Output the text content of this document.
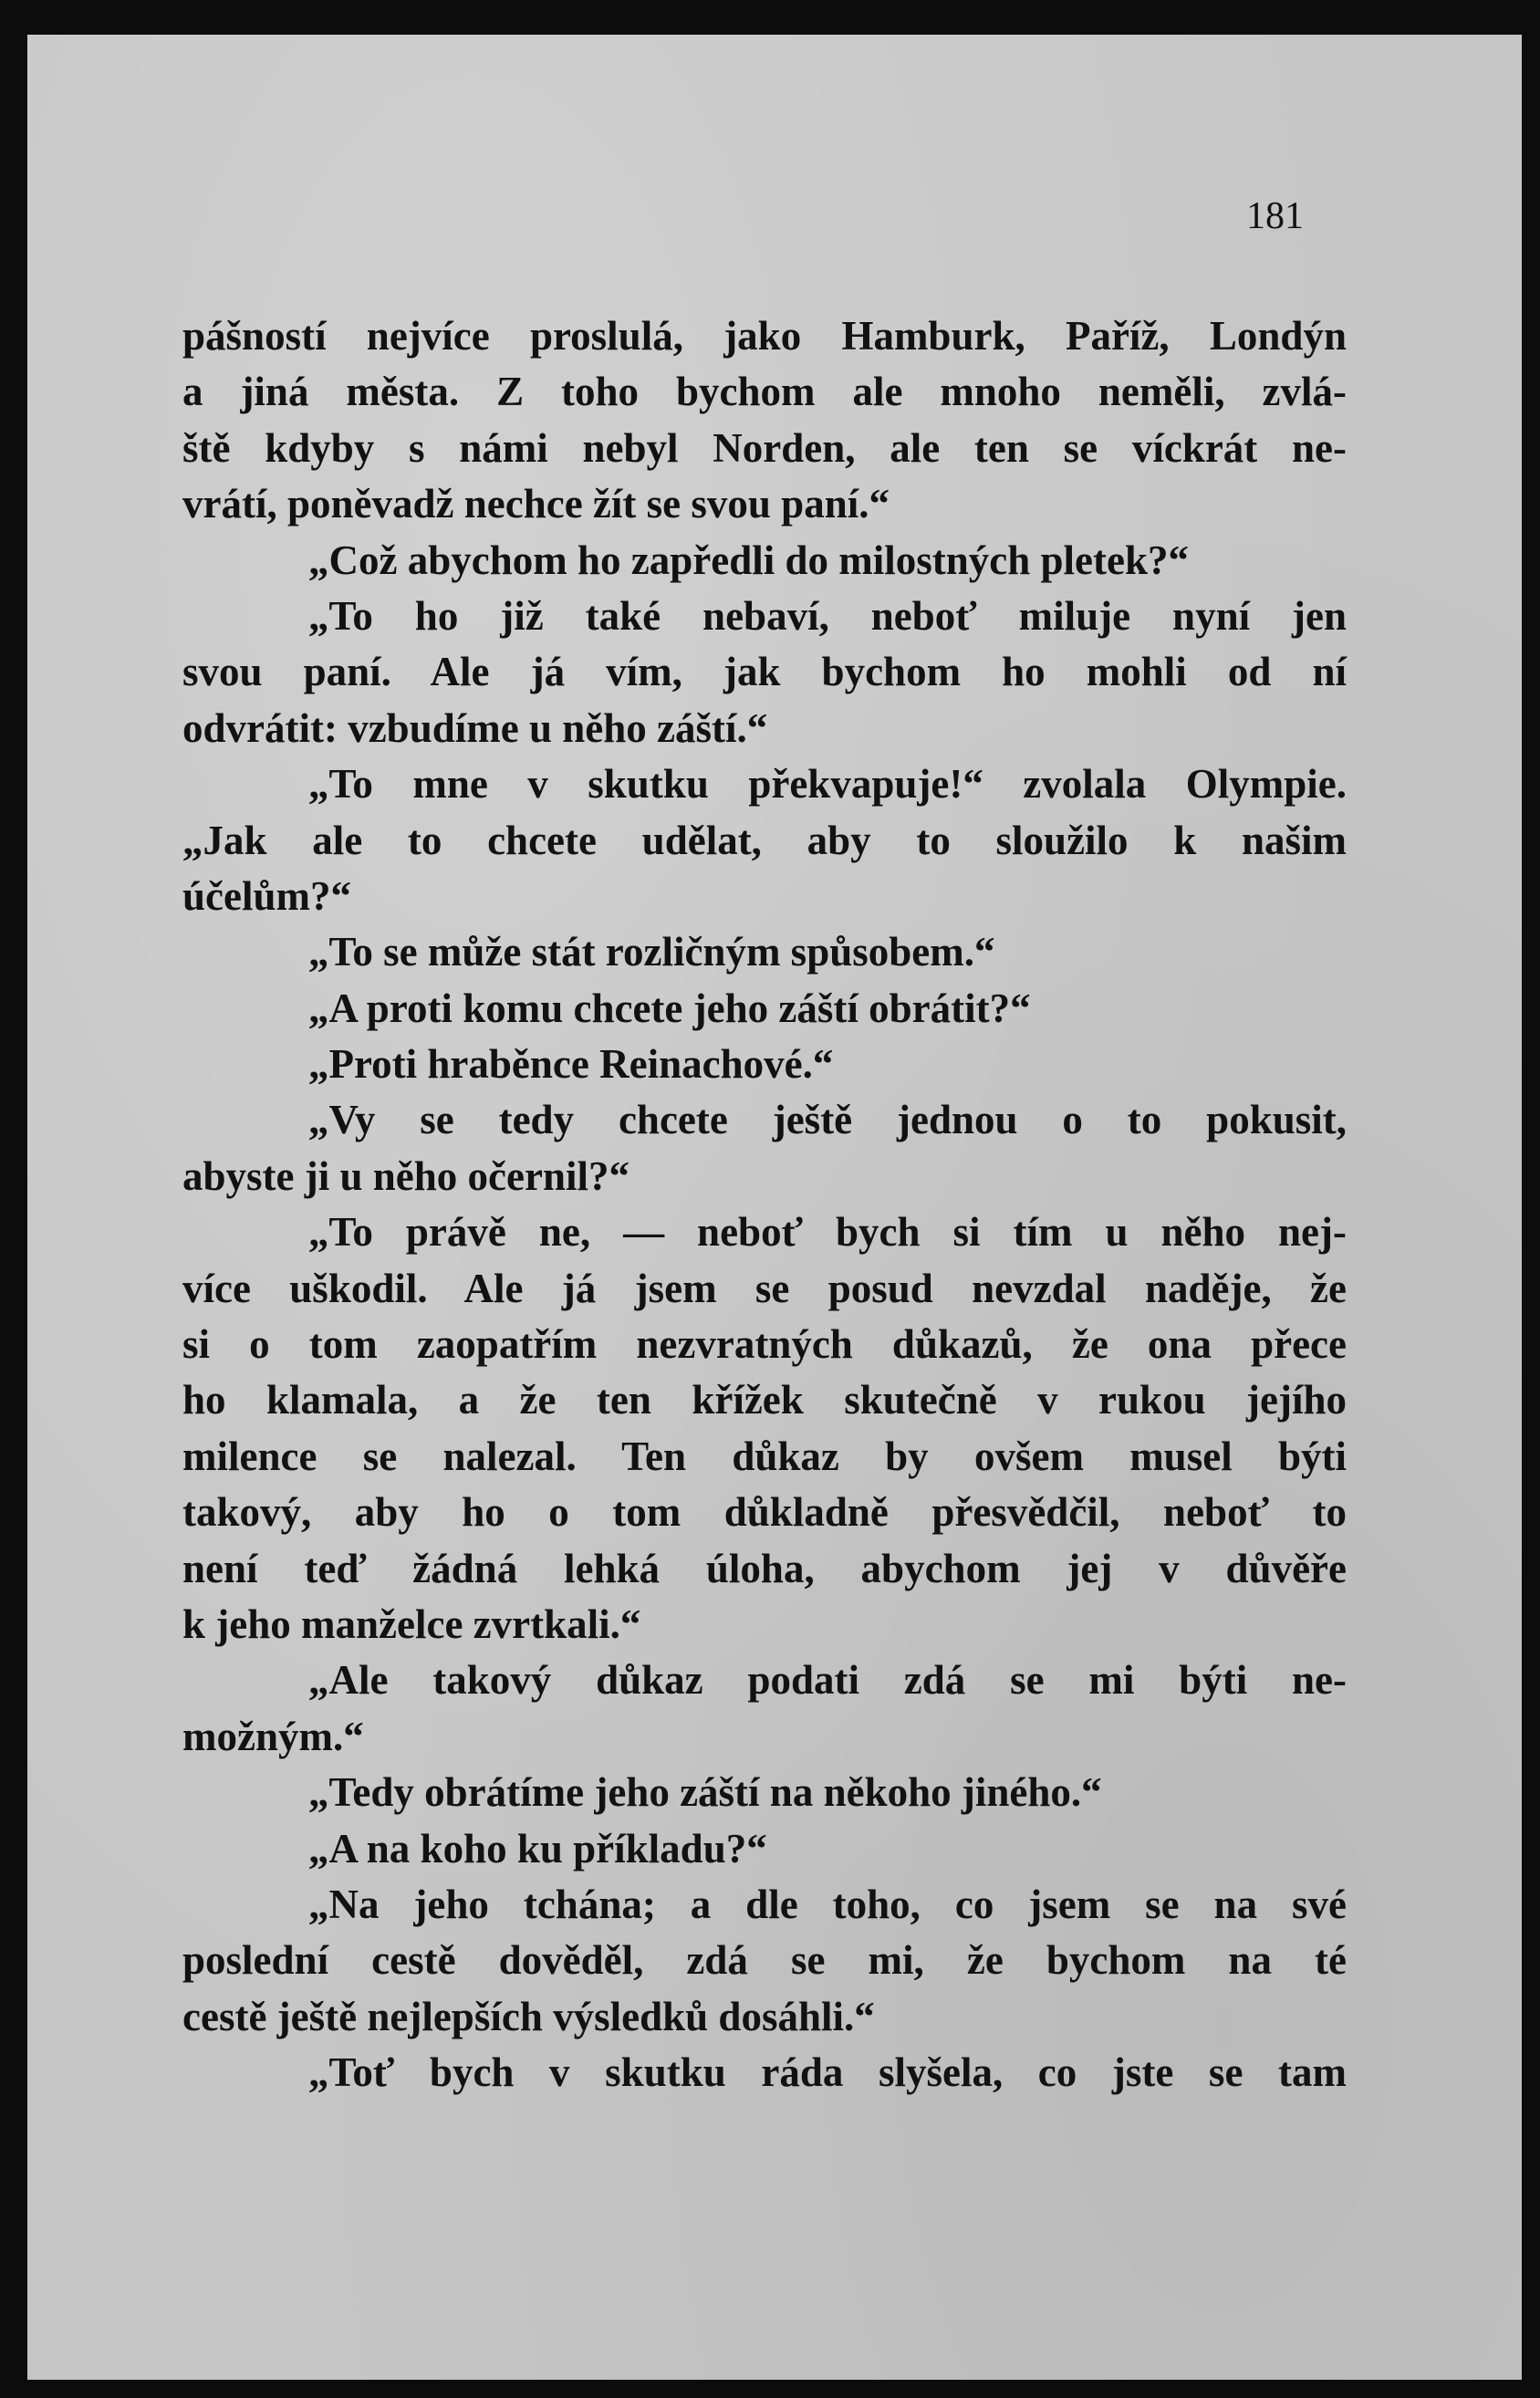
181
pášností nejvíce proslulá, jako Hamburk, Paříž, Londýn
a jiná města. Z toho bychom ale mnoho neměli, zvlá-
ště kdyby s námi nebyl Norden, ale ten se víckrát ne-
vrátí, poněvadž nechce žít se svou paní.“
„Což abychom ho zapředli do milostných pletek?“
„To ho již také nebaví, neboť miluje nyní jen
svou paní. Ale já vím, jak bychom ho mohli od ní
odvrátit: vzbudíme u něho záští.“
„To mne v skutku překvapuje!“ zvolala Olympie.
„Jak ale to chcete udělat, aby to sloužilo k našim
účelům?“
„To se může stát rozličným spůsobem.“
„A proti komu chcete jeho záští obrátit?“
„Proti hraběnce Reinachové.“
„Vy se tedy chcete ještě jednou o to pokusit,
abyste ji u něho očernil?“
„To právě ne, — neboť bych si tím u něho nej-
více uškodil. Ale já jsem se posud nevzdal naděje, že
si o tom zaopatřím nezvratných důkazů, že ona přece
ho klamala, a že ten křížek skutečně v rukou jejího
milence se nalezal. Ten důkaz by ovšem musel býti
takový, aby ho o tom důkladně přesvědčil, neboť to
není teď žádná lehká úloha, abychom jej v důvěře
k jeho manželce zvrtkali.“
„Ale takový důkaz podati zdá se mi býti ne-
možným.“
„Tedy obrátíme jeho záští na někoho jiného.“
„A na koho ku příkladu?“
„Na jeho tchána; a dle toho, co jsem se na své
poslední cestě dověděl, zdá se mi, že bychom na té
cestě ještě nejlepších výsledků dosáhli.“
„Toť bych v skutku ráda slyšela, co jste se tam
